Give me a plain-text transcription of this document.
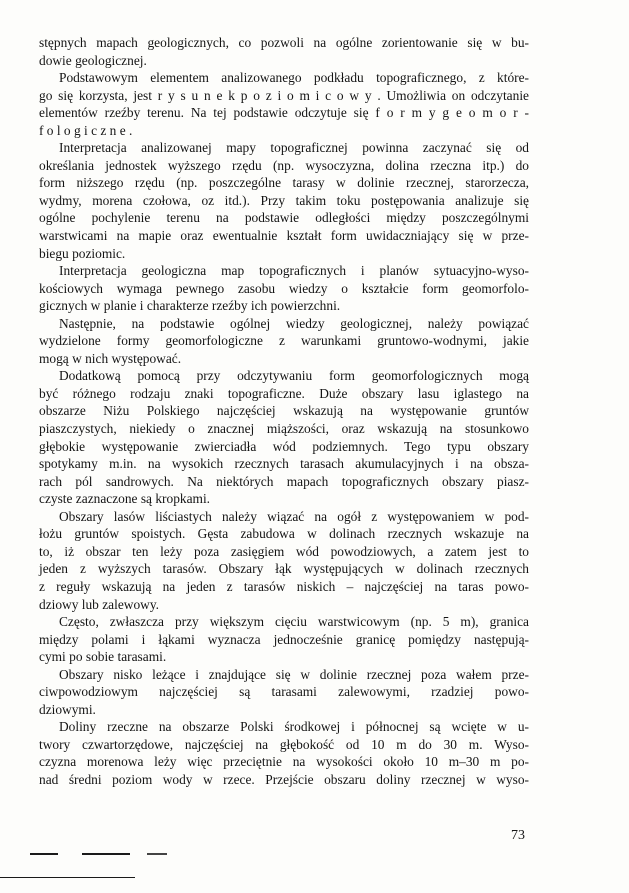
stępnych mapach geologicznych, co pozwoli na ogólne zorientowanie się w bu-
dowie geologicznej.
Podstawowym elementem analizowanego podkładu topograficznego, z które-
go się korzysta, jest r y s u n e k p o z i o m i c o w y . Umożliwia on odczytanie
elementów rzeźby terenu. Na tej podstawie odczytuje się f o r m y g e o m o r -
f o l o g i c z n e .
Interpretacja analizowanej mapy topograficznej powinna zaczynać się od
określania jednostek wyższego rzędu (np. wysoczyzna, dolina rzeczna itp.) do
form niższego rzędu (np. poszczególne tarasy w dolinie rzecznej, starorzecza,
wydmy, morena czołowa, oz itd.). Przy takim toku postępowania analizuje się
ogólne pochylenie terenu na podstawie odległości między poszczególnymi
warstwicami na mapie oraz ewentualnie kształt form uwidaczniający się w prze-
biegu poziomic.
Interpretacja geologiczna map topograficznych i planów sytuacyjno-wyso-
kościowych wymaga pewnego zasobu wiedzy o kształcie form geomorfolo-
gicznych w planie i charakterze rzeźby ich powierzchni.
Następnie, na podstawie ogólnej wiedzy geologicznej, należy powiązać
wydzielone formy geomorfologiczne z warunkami gruntowo-wodnymi, jakie
mogą w nich występować.
Dodatkową pomocą przy odczytywaniu form geomorfologicznych mogą
być różnego rodzaju znaki topograficzne. Duże obszary lasu iglastego na
obszarze Niżu Polskiego najczęściej wskazują na występowanie gruntów
piaszczystych, niekiedy o znacznej miąższości, oraz wskazują na stosunkowo
głębokie występowanie zwierciadła wód podziemnych. Tego typu obszary
spotykamy m.in. na wysokich rzecznych tarasach akumulacyjnych i na obsza-
rach pól sandrowych. Na niektórych mapach topograficznych obszary piasz-
czyste zaznaczone są kropkami.
Obszary lasów liściastych należy wiązać na ogół z występowaniem w pod-
łożu gruntów spoistych. Gęsta zabudowa w dolinach rzecznych wskazuje na
to, iż obszar ten leży poza zasięgiem wód powodziowych, a zatem jest to
jeden z wyższych tarasów. Obszary łąk występujących w dolinach rzecznych
z reguły wskazują na jeden z tarasów niskich – najczęściej na taras powo-
dziowy lub zalewowy.
Często, zwłaszcza przy większym cięciu warstwicowym (np. 5 m), granica
między polami i łąkami wyznacza jednocześnie granicę pomiędzy następują-
cymi po sobie tarasami.
Obszary nisko leżące i znajdujące się w dolinie rzecznej poza wałem prze-
ciwpowodziowym najczęściej są tarasami zalewowymi, rzadziej powo-
dziowymi.
Doliny rzeczne na obszarze Polski środkowej i północnej są wcięte w u-
twory czwartorzędowe, najczęściej na głębokość od 10 m do 30 m. Wyso-
czyzna morenowa leży więc przeciętnie na wysokości około 10 m–30 m po-
nad średni poziom wody w rzece. Przejście obszaru doliny rzecznej w wyso-
73
